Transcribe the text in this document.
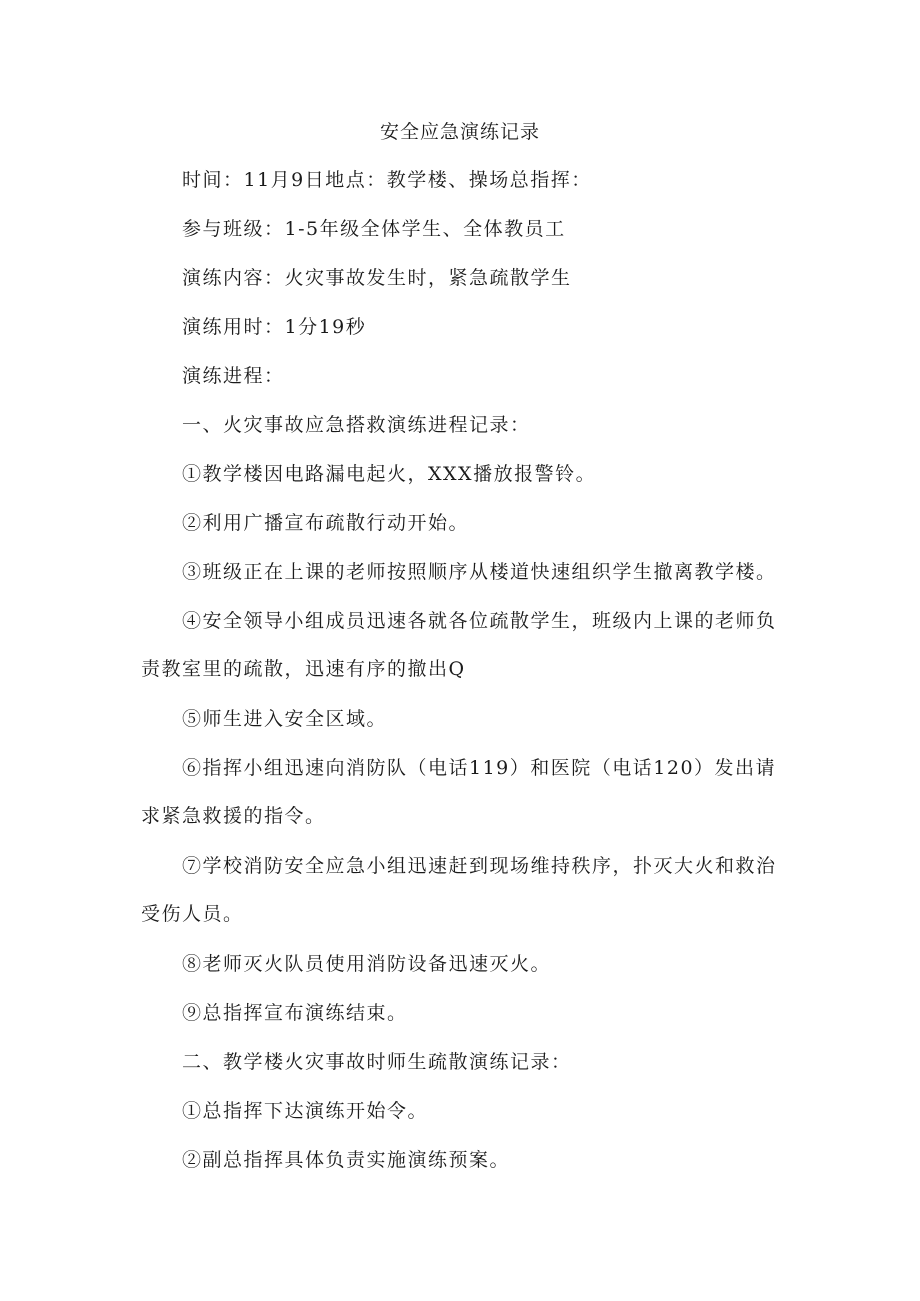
安全应急演练记录
时间：11月9日地点：教学楼、操场总指挥：
参与班级：1-5年级全体学生、全体教员工
演练内容：火灾事故发生时，紧急疏散学生
演练用时：1分19秒
演练进程：
一、火灾事故应急搭救演练进程记录：
①教学楼因电路漏电起火，XXX播放报警铃。
②利用广播宣布疏散行动开始。
③班级正在上课的老师按照顺序从楼道快速组织学生撤离教学楼。
④安全领导小组成员迅速各就各位疏散学生，班级内上课的老师负责教室里的疏散，迅速有序的撤出Q
⑤师生进入安全区域。
⑥指挥小组迅速向消防队（电话119）和医院（电话120）发出请求紧急救援的指令。
⑦学校消防安全应急小组迅速赶到现场维持秩序，扑灭大火和救治受伤人员。
⑧老师灭火队员使用消防设备迅速灭火。
⑨总指挥宣布演练结束。
二、教学楼火灾事故时师生疏散演练记录：
①总指挥下达演练开始令。
②副总指挥具体负责实施演练预案。
